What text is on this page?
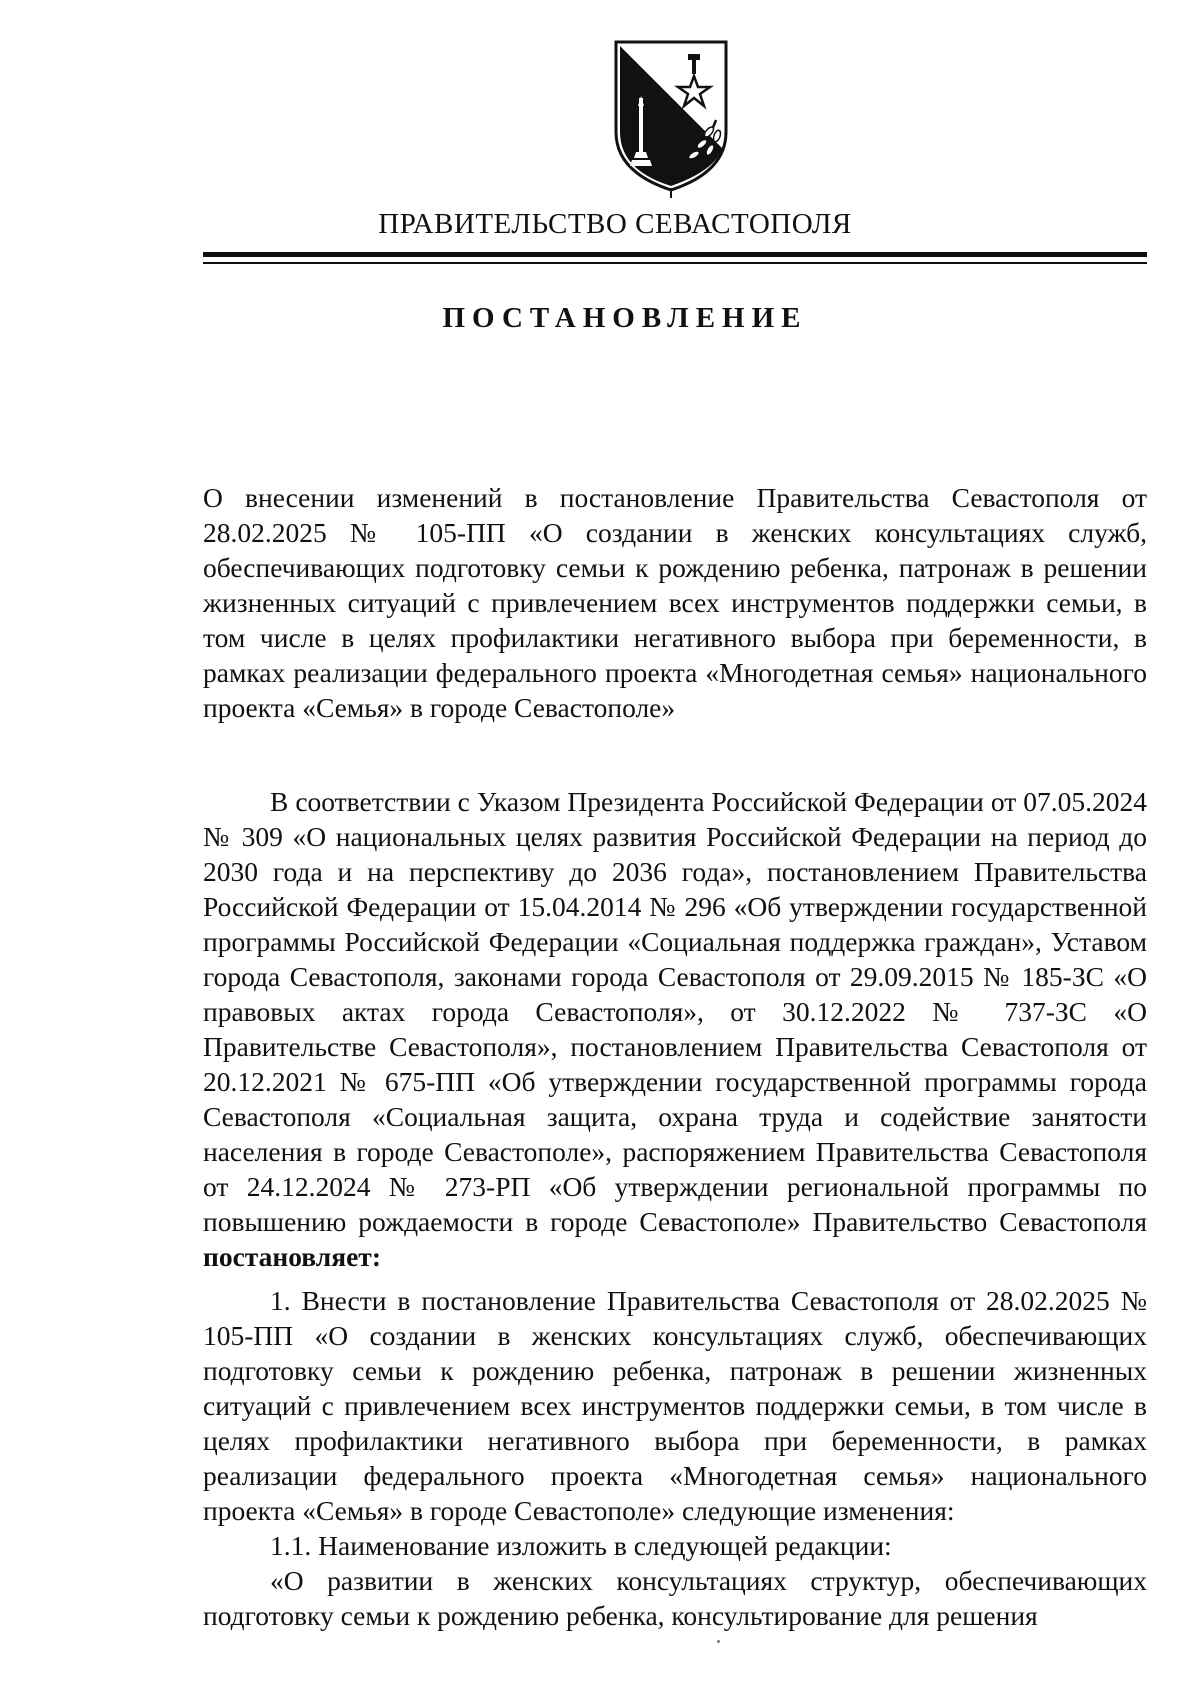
ПРАВИТЕЛЬСТВО СЕВАСТОПОЛЯ
ПОСТАНОВЛЕНИЕ

О внесении изменений в постановление Правительства Севастополя от 28.02.2025 № 105-ПП «О создании в женских консультациях служб, обеспечивающих подготовку семьи к рождению ребенка, патронаж в решении жизненных ситуаций с привлечением всех инструментов поддержки семьи, в том числе в целях профилактики негативного выбора при беременности, в рамках реализации федерального проекта «Многодетная семья» национального проекта «Семья» в городе Севастополе»

В соответствии с Указом Президента Российской Федерации от 07.05.2024 № 309 «О национальных целях развития Российской Федерации на период до 2030 года и на перспективу до 2036 года», постановлением Правительства Российской Федерации от 15.04.2014 № 296 «Об утверждении государственной программы Российской Федерации «Социальная поддержка граждан», Уставом города Севастополя, законами города Севастополя от 29.09.2015 № 185-ЗС «О правовых актах города Севастополя», от 30.12.2022 № 737-ЗС «О Правительстве Севастополя», постановлением Правительства Севастополя от 20.12.2021 № 675-ПП «Об утверждении государственной программы города Севастополя «Социальная защита, охрана труда и содействие занятости населения в городе Севастополе», распоряжением Правительства Севастополя от 24.12.2024 № 273-РП «Об утверждении региональной программы по повышению рождаемости в городе Севастополе» Правительство Севастополя постановляет:

1. Внести в постановление Правительства Севастополя от 28.02.2025 № 105-ПП «О создании в женских консультациях служб, обеспечивающих подготовку семьи к рождению ребенка, патронаж в решении жизненных ситуаций с привлечением всех инструментов поддержки семьи, в том числе в целях профилактики негативного выбора при беременности, в рамках реализации федерального проекта «Многодетная семья» национального проекта «Семья» в городе Севастополе» следующие изменения:

1.1. Наименование изложить в следующей редакции:

«О развитии в женских консультациях структур, обеспечивающих подготовку семьи к рождению ребенка, консультирование для решения
